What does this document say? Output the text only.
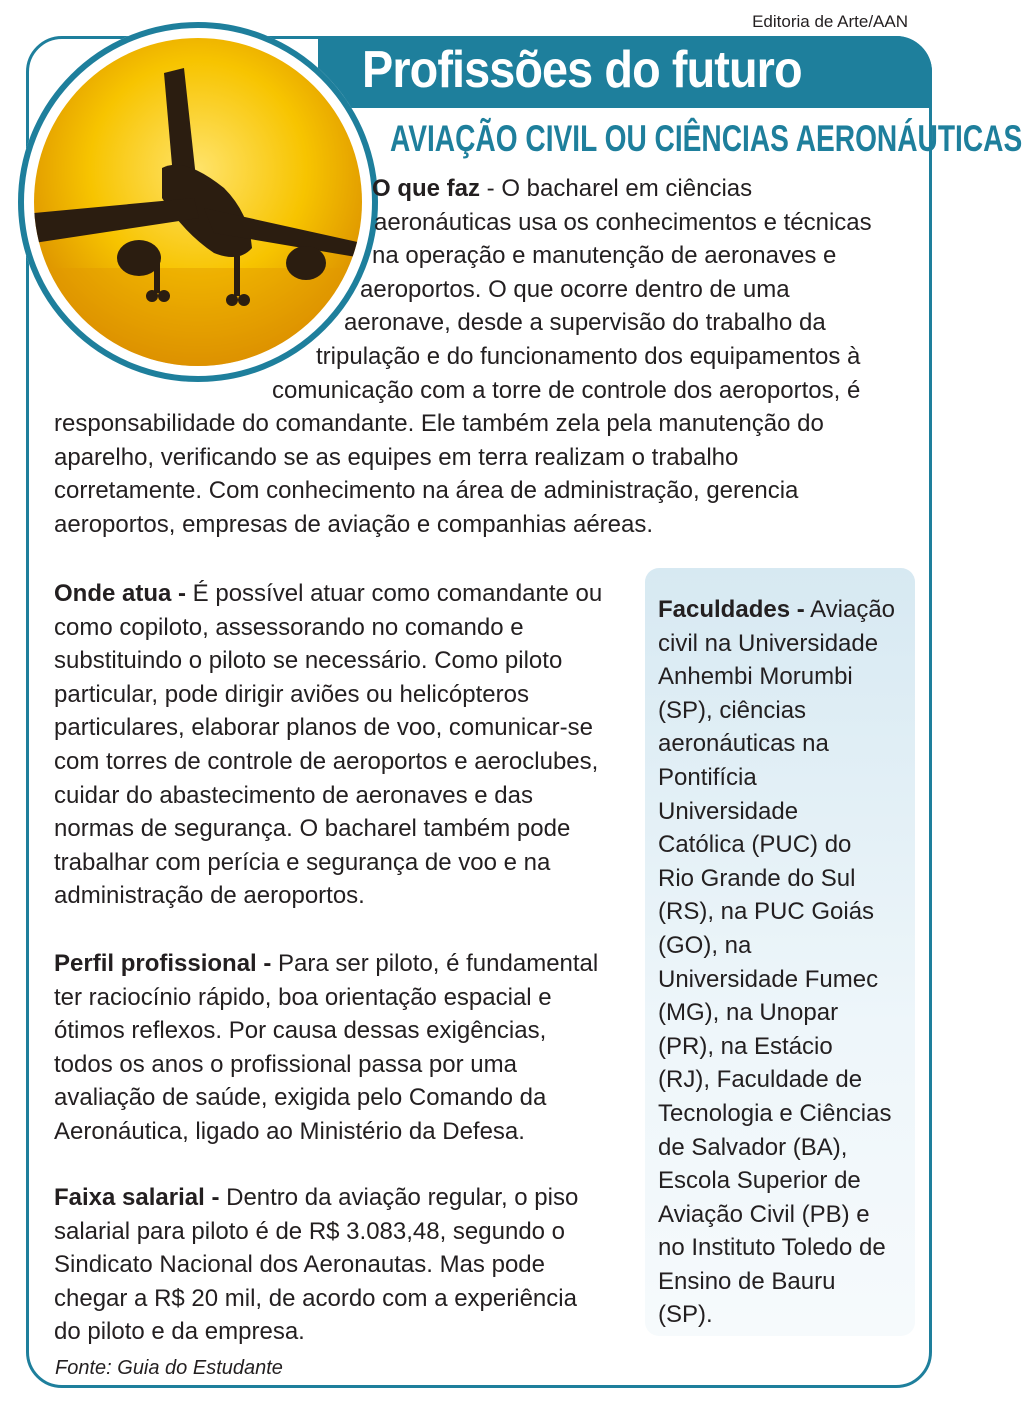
Editoria de Arte/AAN
Profissões do futuro
AVIAÇÃO CIVIL OU CIÊNCIAS AERONÁUTICAS
O que faz - O bacharel em ciências
aeronáuticas usa os conhecimentos e técnicas
na operação e manutenção de aeronaves e
aeroportos. O que ocorre dentro de uma
aeronave, desde a supervisão do trabalho da
tripulação e do funcionamento dos equipamentos à
comunicação com a torre de controle dos aeroportos, é
responsabilidade do comandante. Ele também zela pela manutenção do
aparelho, verificando se as equipes em terra realizam o trabalho
corretamente. Com conhecimento na área de administração, gerencia
aeroportos, empresas de aviação e companhias aéreas.
Onde atua - É possível atuar como comandante ou
como copiloto, assessorando no comando e
substituindo o piloto se necessário. Como piloto
particular, pode dirigir aviões ou helicópteros
particulares, elaborar planos de voo, comunicar-se
com torres de controle de aeroportos e aeroclubes,
cuidar do abastecimento de aeronaves e das
normas de segurança. O bacharel também pode
trabalhar com perícia e segurança de voo e na
administração de aeroportos.
Perfil profissional - Para ser piloto, é fundamental
ter raciocínio rápido, boa orientação espacial e
ótimos reflexos. Por causa dessas exigências,
todos os anos o profissional passa por uma
avaliação de saúde, exigida pelo Comando da
Aeronáutica, ligado ao Ministério da Defesa.
Faixa salarial - Dentro da aviação regular, o piso
salarial para piloto é de R$ 3.083,48, segundo o
Sindicato Nacional dos Aeronautas. Mas pode
chegar a R$ 20 mil, de acordo com a experiência
do piloto e da empresa.
Faculdades - Aviação
civil na Universidade
Anhembi Morumbi
(SP), ciências
aeronáuticas na
Pontifícia
Universidade
Católica (PUC) do
Rio Grande do Sul
(RS), na PUC Goiás
(GO), na
Universidade Fumec
(MG), na Unopar
(PR), na Estácio
(RJ), Faculdade de
Tecnologia e Ciências
de Salvador (BA),
Escola Superior de
Aviação Civil (PB) e
no Instituto Toledo de
Ensino de Bauru
(SP).
Fonte: Guia do Estudante
